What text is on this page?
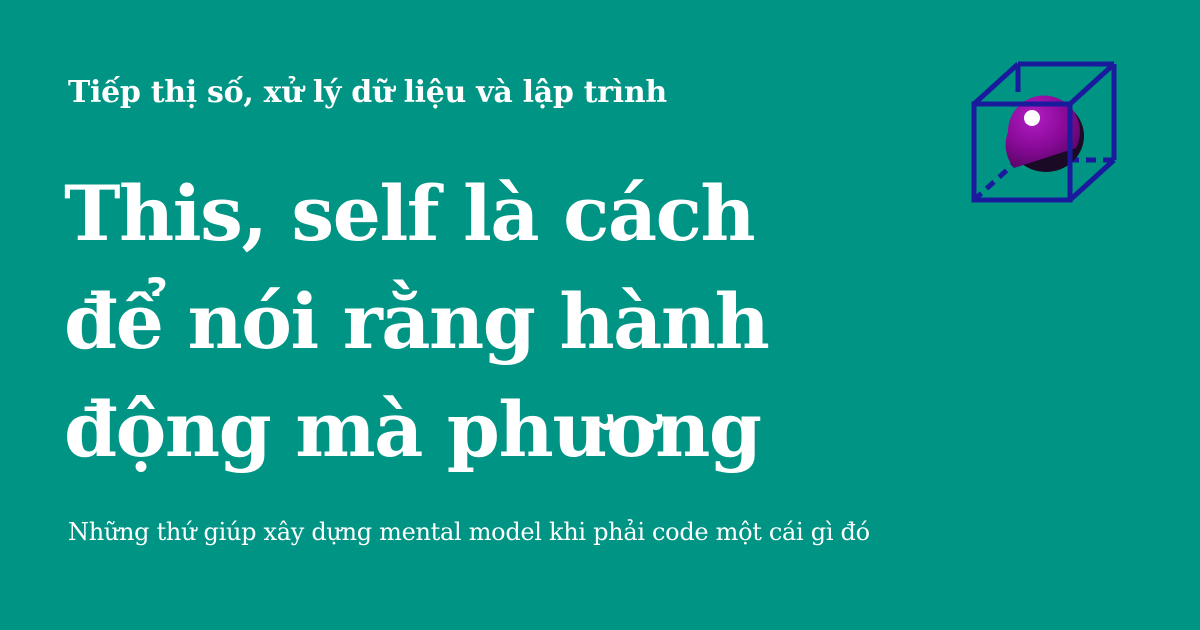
Tiếp thị số, xử lý dữ liệu và lập trình

This, self là cách
để nói rằng hành
động mà phương

Những thứ giúp xây dựng mental model khi phải code một cái gì đó
